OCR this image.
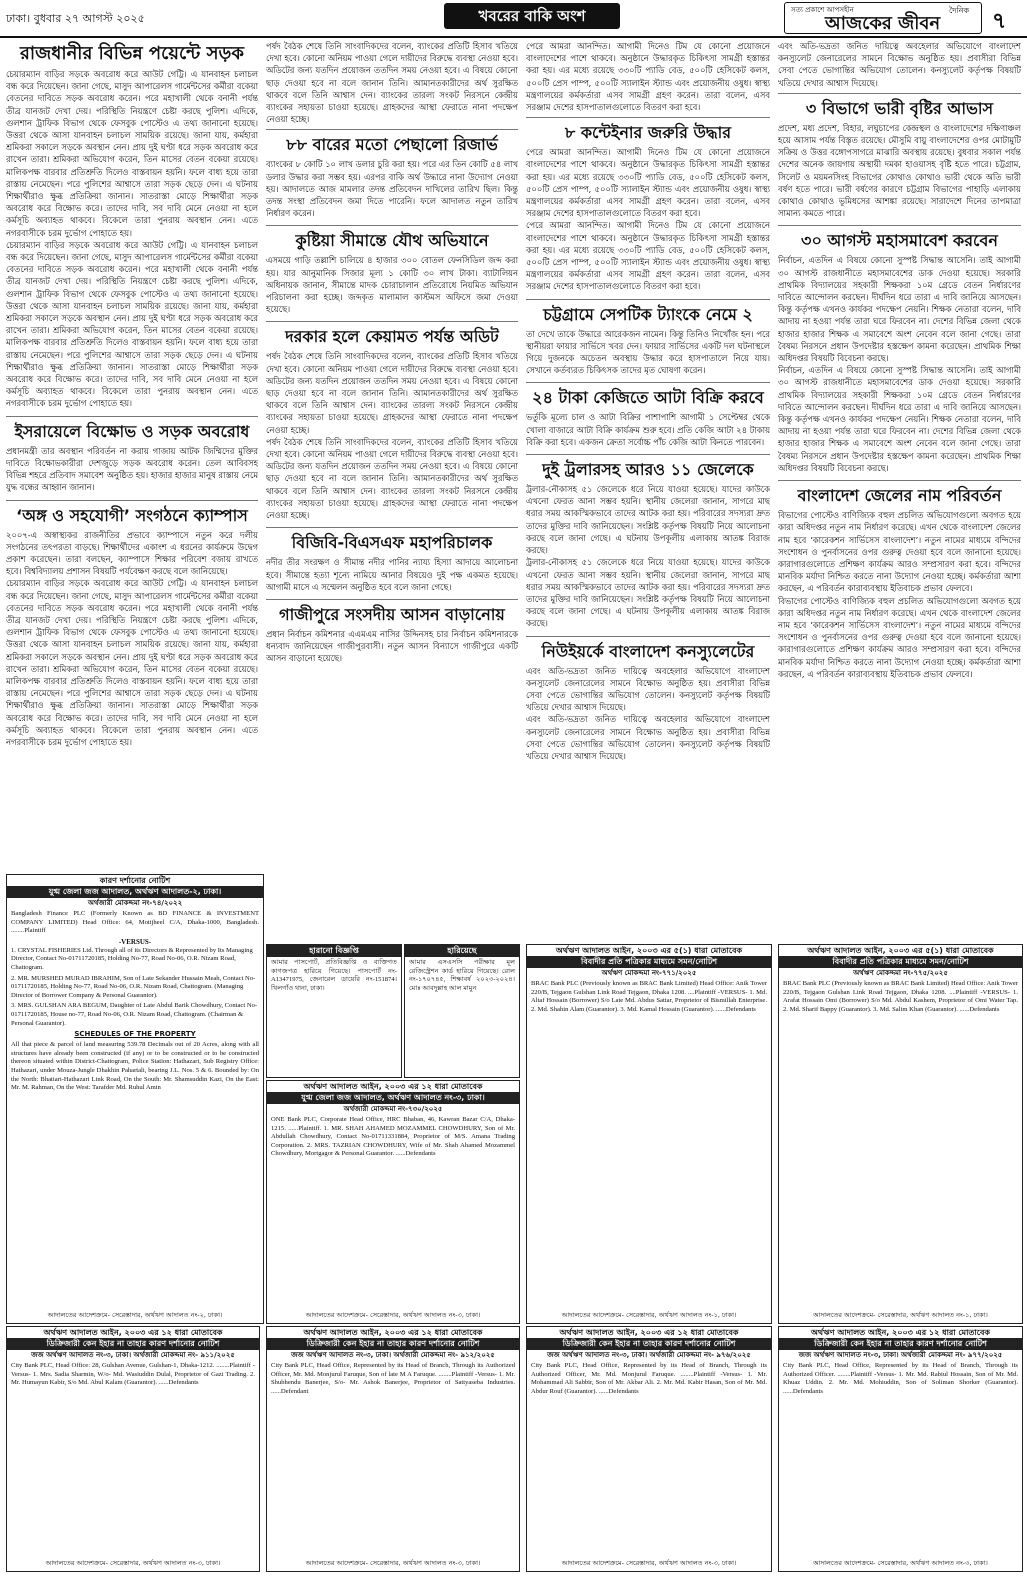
ঢাকা। বুধবার ২৭ আগস্ট ২০২৫	খবরের বাকি অংশ	সত্য প্রকাশে আপসহীন
আজকের জীবন
দৈনিক ৭
রাজধানীর বিভিন্ন পয়েন্টে সড়ক

চেয়ারম্যান বাড়ির সড়কে অবরোধ করে আউট গেট্টি। এ যানবাহন চলাচল বন্ধ করে দিয়েছেন। জানা গেছে, মাসুদ আপারেলস গার্মেন্টসের কর্মীরা বকেয়া বেতনের দাবিতে সড়ক অবরোধ করেন। পরে মহাখালী থেকে বনানী পর্যন্ত তীব্র যানজট দেখা দেয়। পরিস্থিতি নিয়ন্ত্রণে চেষ্টা করছে পুলিশ। এদিকে, গুলশান ট্রাফিক বিভাগ থেকে ফেসবুক পোস্টেও এ তথ্য জানানো হয়েছে। উত্তরা থেকে আসা যানবাহন চলাচল সাময়িক রয়েছে। জানা যায়, কর্মহারা শ্রমিকরা সকালে সড়কে অবস্থান নেন। প্রায় দুই ঘণ্টা ধরে সড়ক অবরোধ করে রাখেন তারা। শ্রমিকরা অভিযোগ করেন, তিন মাসের বেতন বকেয়া রয়েছে। মালিকপক্ষ বারবার প্রতিশ্রুতি দিলেও বাস্তবায়ন হয়নি। ফলে বাধ্য হয়ে তারা রাস্তায় নেমেছেন। পরে পুলিশের আশ্বাসে তারা সড়ক ছেড়ে দেন। এ ঘটনায় শিক্ষার্থীরাও ক্ষুব্ধ প্রতিক্রিয়া জানান। সাতরাস্তা মোড়ে শিক্ষার্থীরা সড়ক অবরোধ করে বিক্ষোভ করে। তাদের দাবি, সব দাবি মেনে নেওয়া না হলে কর্মসূচি অব্যাহত থাকবে। বিকেলে তারা পুনরায় অবস্থান নেন। এতে নগরবাসীকে চরম দুর্ভোগ পোহাতে হয়।

চেয়ারম্যান বাড়ির সড়কে অবরোধ করে আউট গেট্টি। এ যানবাহন চলাচল বন্ধ করে দিয়েছেন। জানা গেছে, মাসুদ আপারেলস গার্মেন্টসের কর্মীরা বকেয়া বেতনের দাবিতে সড়ক অবরোধ করেন। পরে মহাখালী থেকে বনানী পর্যন্ত তীব্র যানজট দেখা দেয়। পরিস্থিতি নিয়ন্ত্রণে চেষ্টা করছে পুলিশ। এদিকে, গুলশান ট্রাফিক বিভাগ থেকে ফেসবুক পোস্টেও এ তথ্য জানানো হয়েছে। উত্তরা থেকে আসা যানবাহন চলাচল সাময়িক রয়েছে। জানা যায়, কর্মহারা শ্রমিকরা সকালে সড়কে অবস্থান নেন। প্রায় দুই ঘণ্টা ধরে সড়ক অবরোধ করে রাখেন তারা। শ্রমিকরা অভিযোগ করেন, তিন মাসের বেতন বকেয়া রয়েছে। মালিকপক্ষ বারবার প্রতিশ্রুতি দিলেও বাস্তবায়ন হয়নি। ফলে বাধ্য হয়ে তারা রাস্তায় নেমেছেন। পরে পুলিশের আশ্বাসে তারা সড়ক ছেড়ে দেন। এ ঘটনায় শিক্ষার্থীরাও ক্ষুব্ধ প্রতিক্রিয়া জানান। সাতরাস্তা মোড়ে শিক্ষার্থীরা সড়ক অবরোধ করে বিক্ষোভ করে। তাদের দাবি, সব দাবি মেনে নেওয়া না হলে কর্মসূচি অব্যাহত থাকবে। বিকেলে তারা পুনরায় অবস্থান নেন। এতে নগরবাসীকে চরম দুর্ভোগ পোহাতে হয়।

ইসরায়েলে বিক্ষোভ ও সড়ক অবরোধ

প্রধানমন্ত্রী তার অবস্থান পরিবর্তন না করায় গাজায় আটক জিম্মিদের মুক্তির দাবিতে বিক্ষোভকারীরা দেশজুড়ে সড়ক অবরোধ করেন। তেল আবিবসহ বিভিন্ন শহরে প্রতিবাদ সমাবেশ অনুষ্ঠিত হয়। হাজার হাজার মানুষ রাস্তায় নেমে যুদ্ধ বন্ধের আহ্বান জানান।

‘অঙ্গ ও সহযোগী’ সংগঠনে ক্যাম্পাস

২০০৭-এ অস্বাস্থ্যকর রাজনীতির প্রভাবে ক্যাম্পাসে নতুন করে দলীয় সংগঠনের তৎপরতা বাড়ছে। শিক্ষার্থীদের একাংশ এ ধরনের কার্যক্রমে উদ্বেগ প্রকাশ করেছেন। তারা বলছেন, ক্যাম্পাসে শিক্ষার পরিবেশ বজায় রাখতে হবে। বিশ্ববিদ্যালয় প্রশাসন বিষয়টি পর্যবেক্ষণ করছে বলে জানিয়েছে।

চেয়ারম্যান বাড়ির সড়কে অবরোধ করে আউট গেট্টি। এ যানবাহন চলাচল বন্ধ করে দিয়েছেন। জানা গেছে, মাসুদ আপারেলস গার্মেন্টসের কর্মীরা বকেয়া বেতনের দাবিতে সড়ক অবরোধ করেন। পরে মহাখালী থেকে বনানী পর্যন্ত তীব্র যানজট দেখা দেয়। পরিস্থিতি নিয়ন্ত্রণে চেষ্টা করছে পুলিশ। এদিকে, গুলশান ট্রাফিক বিভাগ থেকে ফেসবুক পোস্টেও এ তথ্য জানানো হয়েছে। উত্তরা থেকে আসা যানবাহন চলাচল সাময়িক রয়েছে। জানা যায়, কর্মহারা শ্রমিকরা সকালে সড়কে অবস্থান নেন। প্রায় দুই ঘণ্টা ধরে সড়ক অবরোধ করে রাখেন তারা। শ্রমিকরা অভিযোগ করেন, তিন মাসের বেতন বকেয়া রয়েছে। মালিকপক্ষ বারবার প্রতিশ্রুতি দিলেও বাস্তবায়ন হয়নি। ফলে বাধ্য হয়ে তারা রাস্তায় নেমেছেন। পরে পুলিশের আশ্বাসে তারা সড়ক ছেড়ে দেন। এ ঘটনায় শিক্ষার্থীরাও ক্ষুব্ধ প্রতিক্রিয়া জানান। সাতরাস্তা মোড়ে শিক্ষার্থীরা সড়ক অবরোধ করে বিক্ষোভ করে। তাদের দাবি, সব দাবি মেনে নেওয়া না হলে কর্মসূচি অব্যাহত থাকবে। বিকেলে তারা পুনরায় অবস্থান নেন। এতে নগরবাসীকে চরম দুর্ভোগ পোহাতে হয়।

পর্ষদ বৈঠক শেষে তিনি সাংবাদিকদের বলেন, ব্যাংকের প্রতিটি হিসাব খতিয়ে দেখা হবে। কোনো অনিয়ম পাওয়া গেলে দায়ীদের বিরুদ্ধে ব্যবস্থা নেওয়া হবে। অডিটের জন্য যতদিন প্রয়োজন ততদিন সময় নেওয়া হবে। এ বিষয়ে কোনো ছাড় দেওয়া হবে না বলে জানান তিনি। আমানতকারীদের অর্থ সুরক্ষিত থাকবে বলে তিনি আশ্বাস দেন। ব্যাংকের তারল্য সংকট নিরসনে কেন্দ্রীয় ব্যাংকের সহায়তা চাওয়া হয়েছে। গ্রাহকদের আস্থা ফেরাতে নানা পদক্ষেপ নেওয়া হচ্ছে।

৮৮ বারের মতো পেছালো রিজার্ভ

ব্যাংকের ৮ কোটি ১০ লাখ ডলার চুরি করা হয়। পরে এর তিন কোটি ৫৪ লাখ ডলার উদ্ধার করা সম্ভব হয়। এরপর বাকি অর্থ উদ্ধারে নানা উদ্যোগ নেওয়া হয়। আদালতে আজ মামলার তদন্ত প্রতিবেদন দাখিলের তারিখ ছিল। কিন্তু তদন্ত সংস্থা প্রতিবেদন জমা দিতে পারেনি। ফলে আদালত নতুন তারিখ নির্ধারণ করেন।

কুষ্টিয়া সীমান্তে যৌথ অভিযানে

এসময়ে গাড়ি তল্লাশি চালিয়ে ৪ হাজার ৩০০ বোতল ফেনসিডিল জব্দ করা হয়। যার আনুমানিক সিজার মূল্য ১ কোটি ৩০ লাখ টাকা। ব্যাটালিয়ন অধিনায়ক জানান, সীমান্তে মাদক চোরাচালান প্রতিরোধে নিয়মিত অভিযান পরিচালনা করা হচ্ছে। জব্দকৃত মালামাল কাস্টমস অফিসে জমা দেওয়া হয়েছে।

দরকার হলে কেয়ামত পর্যন্ত অডিট

পর্ষদ বৈঠক শেষে তিনি সাংবাদিকদের বলেন, ব্যাংকের প্রতিটি হিসাব খতিয়ে দেখা হবে। কোনো অনিয়ম পাওয়া গেলে দায়ীদের বিরুদ্ধে ব্যবস্থা নেওয়া হবে। অডিটের জন্য যতদিন প্রয়োজন ততদিন সময় নেওয়া হবে। এ বিষয়ে কোনো ছাড় দেওয়া হবে না বলে জানান তিনি। আমানতকারীদের অর্থ সুরক্ষিত থাকবে বলে তিনি আশ্বাস দেন। ব্যাংকের তারল্য সংকট নিরসনে কেন্দ্রীয় ব্যাংকের সহায়তা চাওয়া হয়েছে। গ্রাহকদের আস্থা ফেরাতে নানা পদক্ষেপ নেওয়া হচ্ছে।

পর্ষদ বৈঠক শেষে তিনি সাংবাদিকদের বলেন, ব্যাংকের প্রতিটি হিসাব খতিয়ে দেখা হবে। কোনো অনিয়ম পাওয়া গেলে দায়ীদের বিরুদ্ধে ব্যবস্থা নেওয়া হবে। অডিটের জন্য যতদিন প্রয়োজন ততদিন সময় নেওয়া হবে। এ বিষয়ে কোনো ছাড় দেওয়া হবে না বলে জানান তিনি। আমানতকারীদের অর্থ সুরক্ষিত থাকবে বলে তিনি আশ্বাস দেন। ব্যাংকের তারল্য সংকট নিরসনে কেন্দ্রীয় ব্যাংকের সহায়তা চাওয়া হয়েছে। গ্রাহকদের আস্থা ফেরাতে নানা পদক্ষেপ নেওয়া হচ্ছে।

বিজিবি-বিএসএফ মহাপরিচালক

নদীর তীর সংরক্ষণ ও সীমান্ত নদীর পানির ন্যায্য হিস্যা আদায়ে আলোচনা হবে। সীমান্তে হত্যা শূন্যে নামিয়ে আনার বিষয়েও দুই পক্ষ একমত হয়েছে। আগামী মাসে এ সম্মেলন অনুষ্ঠিত হবে বলে জানা গেছে।

গাজীপুরে সংসদীয় আসন বাড়ানোয়

প্রধান নির্বাচন কমিশনার এএমএম নাসির উদ্দিনসহ চার নির্বাচন কমিশনারকে ধন্যবাদ জানিয়েছেন গাজীপুরবাসী। নতুন আসন বিন্যাসে গাজীপুরে একটি আসন বাড়ানো হয়েছে।

পেরে আমরা আনন্দিত। আগামী দিনেও টিম যে কোনো প্রয়োজনে বাংলাদেশের পাশে থাকবে। অনুষ্ঠানে উদ্ধারকৃত চিকিৎসা সামগ্রী হস্তান্তর করা হয়। এর মধ্যে রয়েছে ৩৩০টি প্যাডি বেড, ৫০০টি হেসিকেট কলস, ৫০০টি প্রেস পাম্প, ৫০০টি স্যালাইন স্ট্যান্ড এবং প্রয়োজনীয় ওষুধ। স্বাস্থ্য মন্ত্রণালয়ের কর্মকর্তারা এসব সামগ্রী গ্রহণ করেন। তারা বলেন, এসব সরঞ্জাম দেশের হাসপাতালগুলোতে বিতরণ করা হবে।

৮ কন্টেইনার জরুরি উদ্ধার

পেরে আমরা আনন্দিত। আগামী দিনেও টিম যে কোনো প্রয়োজনে বাংলাদেশের পাশে থাকবে। অনুষ্ঠানে উদ্ধারকৃত চিকিৎসা সামগ্রী হস্তান্তর করা হয়। এর মধ্যে রয়েছে ৩৩০টি প্যাডি বেড, ৫০০টি হেসিকেট কলস, ৫০০টি প্রেস পাম্প, ৫০০টি স্যালাইন স্ট্যান্ড এবং প্রয়োজনীয় ওষুধ। স্বাস্থ্য মন্ত্রণালয়ের কর্মকর্তারা এসব সামগ্রী গ্রহণ করেন। তারা বলেন, এসব সরঞ্জাম দেশের হাসপাতালগুলোতে বিতরণ করা হবে।

পেরে আমরা আনন্দিত। আগামী দিনেও টিম যে কোনো প্রয়োজনে বাংলাদেশের পাশে থাকবে। অনুষ্ঠানে উদ্ধারকৃত চিকিৎসা সামগ্রী হস্তান্তর করা হয়। এর মধ্যে রয়েছে ৩৩০টি প্যাডি বেড, ৫০০টি হেসিকেট কলস, ৫০০টি প্রেস পাম্প, ৫০০টি স্যালাইন স্ট্যান্ড এবং প্রয়োজনীয় ওষুধ। স্বাস্থ্য মন্ত্রণালয়ের কর্মকর্তারা এসব সামগ্রী গ্রহণ করেন। তারা বলেন, এসব সরঞ্জাম দেশের হাসপাতালগুলোতে বিতরণ করা হবে।

চট্টগ্রামে সেপটিক ট্যাংকে নেমে ২

তা দেখে তাকে উদ্ধারে আরেকজন নামেন। কিন্তু তিনিও নিখোঁজ হন। পরে স্থানীয়রা ফায়ার সার্ভিসে খবর দেন। ফায়ার সার্ভিসের একটি দল ঘটনাস্থলে গিয়ে দুজনকে অচেতন অবস্থায় উদ্ধার করে হাসপাতালে নিয়ে যায়। সেখানে কর্তব্যরত চিকিৎসক তাদের মৃত ঘোষণা করেন।

২৪ টাকা কেজিতে আটা বিক্রি করবে

ভর্তুকি মূল্যে চাল ও আটা বিক্রির পাশাপাশি আগামী ১ সেপ্টেম্বর থেকে খোলা বাজারে আটা বিক্রি কার্যক্রম শুরু হবে। প্রতি কেজি আটা ২৪ টাকায় বিক্রি করা হবে। একজন ক্রেতা সর্বোচ্চ পাঁচ কেজি আটা কিনতে পারবেন।

দুই ট্রলারসহ আরও ১১ জেলেকে

ট্রলার-নৌকাসহ ৫১ জেলেকে ধরে নিয়ে যাওয়া হয়েছে। যাদের কাউকে এখনো ফেরত আনা সম্ভব হয়নি। স্থানীয় জেলেরা জানান, সাগরে মাছ ধরার সময় আকস্মিকভাবে তাদের আটক করা হয়। পরিবারের সদস্যরা দ্রুত তাদের মুক্তির দাবি জানিয়েছেন। সংশ্লিষ্ট কর্তৃপক্ষ বিষয়টি নিয়ে আলোচনা করছে বলে জানা গেছে। এ ঘটনায় উপকূলীয় এলাকায় আতঙ্ক বিরাজ করছে।

ট্রলার-নৌকাসহ ৫১ জেলেকে ধরে নিয়ে যাওয়া হয়েছে। যাদের কাউকে এখনো ফেরত আনা সম্ভব হয়নি। স্থানীয় জেলেরা জানান, সাগরে মাছ ধরার সময় আকস্মিকভাবে তাদের আটক করা হয়। পরিবারের সদস্যরা দ্রুত তাদের মুক্তির দাবি জানিয়েছেন। সংশ্লিষ্ট কর্তৃপক্ষ বিষয়টি নিয়ে আলোচনা করছে বলে জানা গেছে। এ ঘটনায় উপকূলীয় এলাকায় আতঙ্ক বিরাজ করছে।

নিউইয়র্কে বাংলাদেশ কনস্যুলেটের

এবং অতি-ভদ্রতা জনিত দায়িত্বে অবহেলার অভিযোগে বাংলাদেশ কনস্যুলেট জেনারেলের সামনে বিক্ষোভ অনুষ্ঠিত হয়। প্রবাসীরা বিভিন্ন সেবা পেতে ভোগান্তির অভিযোগ তোলেন। কনস্যুলেট কর্তৃপক্ষ বিষয়টি খতিয়ে দেখার আশ্বাস দিয়েছে।

এবং অতি-ভদ্রতা জনিত দায়িত্বে অবহেলার অভিযোগে বাংলাদেশ কনস্যুলেট জেনারেলের সামনে বিক্ষোভ অনুষ্ঠিত হয়। প্রবাসীরা বিভিন্ন সেবা পেতে ভোগান্তির অভিযোগ তোলেন। কনস্যুলেট কর্তৃপক্ষ বিষয়টি খতিয়ে দেখার আশ্বাস দিয়েছে।

এবং অতি-ভদ্রতা জনিত দায়িত্বে অবহেলার অভিযোগে বাংলাদেশ কনস্যুলেট জেনারেলের সামনে বিক্ষোভ অনুষ্ঠিত হয়। প্রবাসীরা বিভিন্ন সেবা পেতে ভোগান্তির অভিযোগ তোলেন। কনস্যুলেট কর্তৃপক্ষ বিষয়টি খতিয়ে দেখার আশ্বাস দিয়েছে।

৩ বিভাগে ভারী বৃষ্টির আভাস

প্রদেশ, মধ্য প্রদেশ, বিহার, লঘুচাপের কেন্দ্রস্থল ও বাংলাদেশের দক্ষিণাঞ্চল হয়ে আসাম পর্যন্ত বিস্তৃত রয়েছে। মৌসুমি বায়ু বাংলাদেশের ওপর মোটামুটি সক্রিয় ও উত্তর বঙ্গোপসাগরে মাঝারি অবস্থায় রয়েছে। বুধবার সকাল পর্যন্ত দেশের অনেক জায়গায় অস্থায়ী দমকা হাওয়াসহ বৃষ্টি হতে পারে। চট্টগ্রাম, সিলেট ও ময়মনসিংহ বিভাগের কোথাও কোথাও ভারী থেকে অতি ভারী বর্ষণ হতে পারে। ভারী বর্ষণের কারণে চট্টগ্রাম বিভাগের পাহাড়ি এলাকায় কোথাও কোথাও ভূমিধসের আশঙ্কা রয়েছে। সারাদেশে দিনের তাপমাত্রা সামান্য কমতে পারে।

৩০ আগস্ট মহাসমাবেশ করবেন

নির্বাচন, এতদিন এ বিষয়ে কোনো সুস্পষ্ট সিদ্ধান্ত আসেনি। তাই আগামী ৩০ আগস্ট রাজধানীতে মহাসমাবেশের ডাক দেওয়া হয়েছে। সরকারি প্রাথমিক বিদ্যালয়ের সহকারী শিক্ষকরা ১০ম গ্রেডে বেতন নির্ধারণের দাবিতে আন্দোলন করছেন। দীর্ঘদিন ধরে তারা এ দাবি জানিয়ে আসছেন। কিন্তু কর্তৃপক্ষ এখনও কার্যকর পদক্ষেপ নেয়নি। শিক্ষক নেতারা বলেন, দাবি আদায় না হওয়া পর্যন্ত তারা ঘরে ফিরবেন না। দেশের বিভিন্ন জেলা থেকে হাজার হাজার শিক্ষক এ সমাবেশে অংশ নেবেন বলে জানা গেছে। তারা বৈষম্য নিরসনে প্রধান উপদেষ্টার হস্তক্ষেপ কামনা করেছেন। প্রাথমিক শিক্ষা অধিদপ্তর বিষয়টি বিবেচনা করছে।

নির্বাচন, এতদিন এ বিষয়ে কোনো সুস্পষ্ট সিদ্ধান্ত আসেনি। তাই আগামী ৩০ আগস্ট রাজধানীতে মহাসমাবেশের ডাক দেওয়া হয়েছে। সরকারি প্রাথমিক বিদ্যালয়ের সহকারী শিক্ষকরা ১০ম গ্রেডে বেতন নির্ধারণের দাবিতে আন্দোলন করছেন। দীর্ঘদিন ধরে তারা এ দাবি জানিয়ে আসছেন। কিন্তু কর্তৃপক্ষ এখনও কার্যকর পদক্ষেপ নেয়নি। শিক্ষক নেতারা বলেন, দাবি আদায় না হওয়া পর্যন্ত তারা ঘরে ফিরবেন না। দেশের বিভিন্ন জেলা থেকে হাজার হাজার শিক্ষক এ সমাবেশে অংশ নেবেন বলে জানা গেছে। তারা বৈষম্য নিরসনে প্রধান উপদেষ্টার হস্তক্ষেপ কামনা করেছেন। প্রাথমিক শিক্ষা অধিদপ্তর বিষয়টি বিবেচনা করছে।

বাংলাদেশ জেলের নাম পরিবর্তন

বিভাগের পোস্টেও বাণিজ্যিক বহুল প্রচলিত অভিযোগগুলো অবগত হয়ে কারা অধিদপ্তর নতুন নাম নির্ধারণ করেছে। এখন থেকে বাংলাদেশ জেলের নাম হবে ‘কারেকশন সার্ভিসেস বাংলাদেশ’। নতুন নামের মাধ্যমে বন্দিদের সংশোধন ও পুনর্বাসনের ওপর গুরুত্ব দেওয়া হবে বলে জানানো হয়েছে। কারাগারগুলোতে প্রশিক্ষণ কার্যক্রম আরও সম্প্রসারণ করা হবে। বন্দিদের মানবিক মর্যাদা নিশ্চিত করতে নানা উদ্যোগ নেওয়া হচ্ছে। কর্মকর্তারা আশা করছেন, এ পরিবর্তন কারাব্যবস্থায় ইতিবাচক প্রভাব ফেলবে।

বিভাগের পোস্টেও বাণিজ্যিক বহুল প্রচলিত অভিযোগগুলো অবগত হয়ে কারা অধিদপ্তর নতুন নাম নির্ধারণ করেছে। এখন থেকে বাংলাদেশ জেলের নাম হবে ‘কারেকশন সার্ভিসেস বাংলাদেশ’। নতুন নামের মাধ্যমে বন্দিদের সংশোধন ও পুনর্বাসনের ওপর গুরুত্ব দেওয়া হবে বলে জানানো হয়েছে। কারাগারগুলোতে প্রশিক্ষণ কার্যক্রম আরও সম্প্রসারণ করা হবে। বন্দিদের মানবিক মর্যাদা নিশ্চিত করতে নানা উদ্যোগ নেওয়া হচ্ছে। কর্মকর্তারা আশা করছেন, এ পরিবর্তন কারাব্যবস্থায় ইতিবাচক প্রভাব ফেলবে।

কারণ দর্শানোর নোটিশ
যুগ্ম জেলা জজ আদালত, অর্থঋণ আদালত-২, ঢাকা।
অর্থজারী মোকদ্দমা নং-৭৪/২০২২
Bangladesh Finance PLC (Formerly Known as BD FINANCE & INVESTMENT COMPANY LIMITED) Head Office: 64, Motijheel C/A, Dhaka-1000, Bangladesh. ........Plaintiff
-VERSUS-
1. CRYSTAL FISHERIES Ltd. Through all of its Directors & Represented by Its Managing Director, Contact No-01711720185, Holding No-77, Road No-06, O.R. Nizam Road, Chattogram.
2. MR. MURSHED MURAD IBRAHIM, Son of Late Sekander Hussain Meah, Contact No-01711720185, Holding No-77, Road No-06, O.R. Nizam Road, Chattogram. (Managing Director of Borrower Company & Personal Guarantor).
3. MRS. GULSHAN ARA BEGUM, Daughter of Late Abdul Barik Chowdhury, Contact No-01711720185, House no-77, Road No-06, O.R. Nizam Road, Chattogram. (Chairman & Personal Guarantor).
SCHEDULES OF THE PROPERTY
All that piece & parcel of land measuring 539.78 Decimals out of 20 Acres, along with all structures have already been constructed (if any) or to be constructed or to be constructed thereon situated within District-Chattogram, Police Station: Hathazari, Sub Registry Office: Hathazari, under Mouza-Jungle Dhakhin Pahartali, bearing J.L. Nos. 5 & 6. Bounded by: On the North: Bhatiari-Hathazari Link Road, On the South: Mr. Shamsuddin Kazi, On the East: Mr. M. Rahman, On the West: Tarafder Md. Ruhul Amin
আদালতের আদেশক্রমে- সেরেস্তাদার, অর্থঋণ আদালত নং-২, ঢাকা।
হারানো বিজ্ঞপ্তি
আমার পাসপোর্ট, প্রতিবিজ্ঞপ্তি ও ব্যক্তিগত কাগজপত্র হারিয়ে গিয়েছে। পাসপোর্ট নং-A13471975, জেনারেল ডায়েরি নং-151874। খিলগাঁও থানা, ঢাকা।
হারিয়েছে
আমার এসএসসি পরীক্ষার মূল রেজিস্ট্রেশন কার্ড হারিয়ে গিয়েছে। রোল নং-১৭০৭৪৫, শিক্ষাবর্ষ ২০২৩-২০২৪। মোঃ আবদুল্লাহ আল মামুন
অর্থঋণ আদালত আইন, ২০০৩ এর ১২ ধারা মোতাবেক
যুগ্ম জেলা জজ আদালত, অর্থঋণ আদালত নং-৩, ঢাকা।
অর্থজারী মোকদ্দমা নং-৭৩০/২০২৫
ONE Bank PLC, Corporate Head Office, HRC Bhaban, 46, Kawran Bazar C/A, Dhaka-1215. ......Plaintiff. 1. MR. SHAH AHAMED MOZAMMEL CHOWDHURY, Son of Mr. Abdullah Chowdhury, Contact No-01711331884, Proprietor of M/S. Amana Trading Corporation. 2. MRS. TAZRIAN CHOWDHURY, Wife of Mr. Shah Ahamed Mozammel Chowdhury, Mortgagor & Personal Guarantor. ......Defendants
আদালতের আদেশক্রমে- সেরেস্তাদার, অর্থঋণ আদালত নং-৩, ঢাকা।
অর্থঋণ আদালত আইন, ২০০৩ এর ৫(১) ধারা মোতাবেক
বিবাদীর প্রতি পত্রিকার মাধ্যমে সমন/নোটিশ
অর্থঋণ মোকদ্দমা নং-৭৭১/২০২৫
BRAC Bank PLC (Previously known as BRAC Bank Limited) Head Office: Anik Tower 220/B, Tejgaon Gulshan Link Road Tejgaon, Dhaka 1208. ....Plaintiff -VERSUS- 1. Md. Altaf Hossain (Borrower) S/o Late Md. Abdus Sattar, Proprietor of Bismillah Enterprise. 2. Md. Shahin Alam (Guarantor). 3. Md. Kamal Hossain (Guarantor). ......Defendants
আদালতের আদেশক্রমে- সেরেস্তাদার, অর্থঋণ আদালত নং-১, ঢাকা।
অর্থঋণ আদালত আইন, ২০০৩ এর ৫(১) ধারা মোতাবেক
বিবাদীর প্রতি পত্রিকার মাধ্যমে সমন/নোটিশ
অর্থঋণ মোকদ্দমা নং-৭৭৫/২০২৫
BRAC Bank PLC (Previously known as BRAC Bank Limited) Head Office: Anik Tower 220/B, Tejgaon Gulshan Link Road Tejgaon, Dhaka 1208. ....Plaintiff -VERSUS- 1. Arafat Hossain Omi (Borrower) S/o Md. Abdul Kashem, Proprietor of Omi Water Tap. 2. Md. Sharif Bappy (Guarantor). 3. Md. Salim Khan (Guarantor). ......Defendants
আদালতের আদেশক্রমে- সেরেস্তাদার, অর্থঋণ আদালত নং-১, ঢাকা।
অর্থঋণ আদালত আইন, ২০০৩ এর ১২ ধারা মোতাবেক
ডিক্রিজারী কেন ইহার না তাহার কারণ দর্শানোর নোটিশ
জজ অর্থঋণ আদালত নং-৩, ঢাকা। অর্থজারী মোকদ্দমা নং- ৯১১/২০২৫
City Bank PLC, Head Office: 28, Gulshan Avenue, Gulshan-1, Dhaka-1212. ........Plaintiff -Versus- 1. Mrs. Sadia Sharmin, W/o- Md. Wasiuddin Dulal, Proprietor of Gazi Trading. 2. Mr. Humayun Kabir, S/o Md. Abul Kalam (Guarantor). ......Defendants
আদালতের আদেশক্রমে- সেরেস্তাদার, অর্থঋণ আদালত নং-৩, ঢাকা।
অর্থঋণ আদালত আইন, ২০০৩ এর ১২ ধারা মোতাবেক
ডিক্রিজারী কেন ইহার না তাহার কারণ দর্শানোর নোটিশ
জজ অর্থঋণ আদালত নং-৩, ঢাকা। অর্থজারী মোকদ্দমা নং- ৯১২/২০২৫
City Bank PLC, Head Office, Represented by its Head of Branch, Through its Authorized Officer, Mr. Md. Monjurul Faruque, Son of late M A Faruque. ........Plaintiff -Versus- 1. Mr. Shubhendu Banerjee, S/o- Mr. Ashok Banerjee, Proprietor of Sattyaseba Industries. ......Defendant
আদালতের আদেশক্রমে- সেরেস্তাদার, অর্থঋণ আদালত নং-৩, ঢাকা।
অর্থঋণ আদালত আইন, ২০০৩ এর ১২ ধারা মোতাবেক
ডিক্রিজারী কেন ইহার না তাহার কারণ দর্শানোর নোটিশ
জজ অর্থঋণ আদালত নং-৩, ঢাকা। অর্থজারী মোকদ্দমা নং- ৯৭৬/২০২৫
City Bank PLC, Head Office, Represented by its Head of Branch, Through its Authorized Officer, Mr. Md. Monjurul Faruque. ........Plaintiff -Versus- 1. Mr. Mohammad Ali Sabbir, Son of Mr. Akbar Ali. 2. Mr. Md. Kabir Hasan, Son of Mr. Md. Abdur Rouf (Guarantor). ......Defendants
আদালতের আদেশক্রমে- সেরেস্তাদার, অর্থঋণ আদালত নং-৩, ঢাকা।
অর্থঋণ আদালত আইন, ২০০৩ এর ১২ ধারা মোতাবেক
ডিক্রিজারী কেন ইহার না তাহার কারণ দর্শানোর নোটিশ
জজ অর্থঋণ আদালত নং-৩, ঢাকা। অর্থজারী মোকদ্দমা নং- ৯৭৭/২০২৫
City Bank PLC, Head Office, Represented by its Head of Branch, Through its Authorized Officer. ........Plaintiff -Versus- 1. Mr. Md. Rabiul Hossain, Son of Mr. Md. Khuaz Uddin. 2. Mr. Md. Mohiuddin, Son of Soliman Shorker (Guarantor). ......Defendants
আদালতের আদেশক্রমে- সেরেস্তাদার, অর্থঋণ আদালত নং-৩, ঢাকা।
